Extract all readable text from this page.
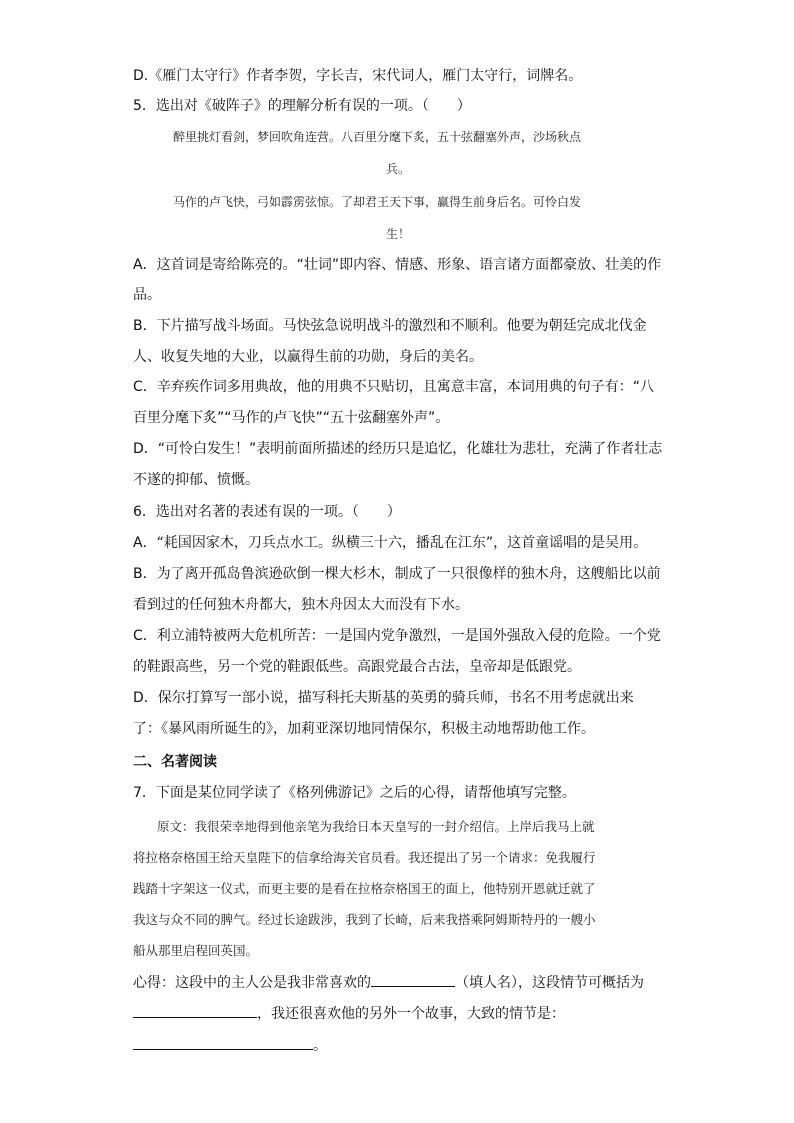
D.《雁门太守行》作者李贺，字长吉，宋代词人，雁门太守行，词牌名。
5．选出对《破阵子》的理解分析有误的一项。（　　）
醉里挑灯看剑，梦回吹角连营。八百里分麾下炙，五十弦翻塞外声，沙场秋点
兵。
马作的卢飞快，弓如霹雳弦惊。了却君王天下事，赢得生前身后名。可怜白发
生！
A．这首词是寄给陈亮的。“壮词”即内容、情感、形象、语言诸方面都豪放、壮美的作
品。
B．下片描写战斗场面。马快弦急说明战斗的激烈和不顺利。他要为朝廷完成北伐金
人、收复失地的大业，以赢得生前的功勋，身后的美名。
C．辛弃疾作词多用典故，他的用典不只贴切，且寓意丰富，本词用典的句子有：“八
百里分麾下炙”“马作的卢飞快”“五十弦翻塞外声”。
D．“可怜白发生！”表明前面所描述的经历只是追忆，化雄壮为悲壮，充满了作者壮志
不遂的抑郁、愤慨。
6．选出对名著的表述有误的一项。（　　）
A．“耗国因家木，刀兵点水工。纵横三十六，播乱在江东”，这首童谣唱的是吴用。
B．为了离开孤岛鲁滨逊砍倒一棵大杉木，制成了一只很像样的独木舟，这艘船比以前
看到过的任何独木舟都大，独木舟因太大而没有下水。
C．利立浦特被两大危机所苦：一是国内党争激烈，一是国外强敌入侵的危险。一个党
的鞋跟高些，另一个党的鞋跟低些。高跟党最合古法，皇帝却是低跟党。
D．保尔打算写一部小说，描写科托夫斯基的英勇的骑兵师，书名不用考虑就出来
了：《暴风雨所诞生的》，加莉亚深切地同情保尔，积极主动地帮助他工作。
二、名著阅读
7．下面是某位同学读了《格列佛游记》之后的心得，请帮他填写完整。
原文：我很荣幸地得到他亲笔为我给日本天皇写的一封介绍信。上岸后我马上就
将拉格奈格国王给天皇陛下的信拿给海关官员看。我还提出了另一个请求：免我履行
践踏十字架这一仪式，而更主要的是看在拉格奈格国王的面上，他特别开恩就迁就了
我这与众不同的脾气。经过长途跋涉，我到了长崎，后来我搭乘阿姆斯特丹的一艘小
船从那里启程回英国。
心得：这段中的主人公是我非常喜欢的	（填人名），这段情节可概括为
，我还很喜欢他的另外一个故事，大致的情节是：
。
